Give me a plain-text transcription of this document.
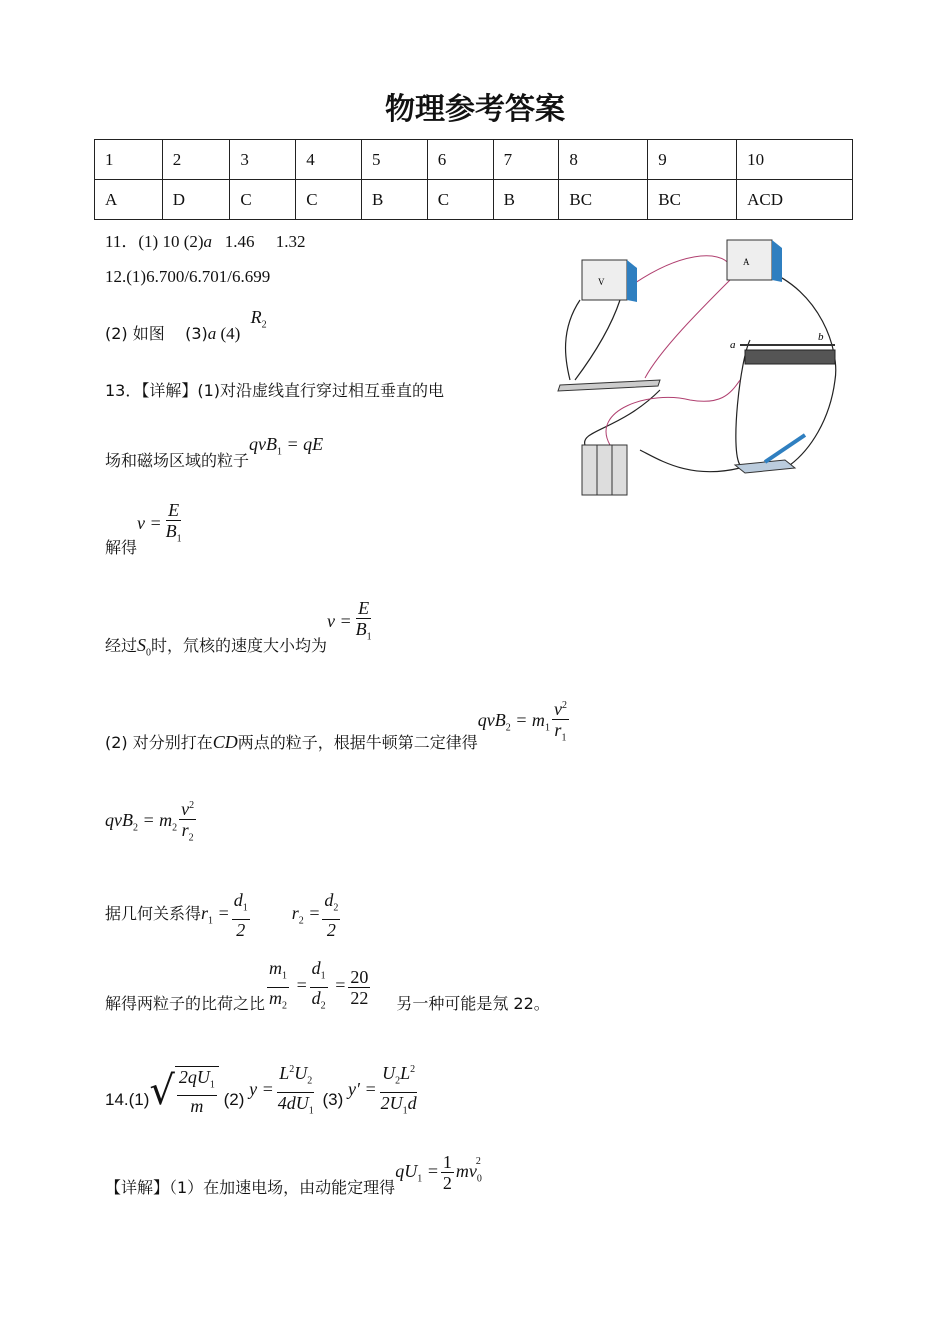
物理参考答案
1	2	3	4	5	6	7	8	9	10
A	D	C	C	B	C	B	BC	BC	ACD
11．(1) 10 (2)a   1.46     1.32
12.(1)6.700/6.701/6.699
(2) 如图    (3)a (4) $R_2$
13．【详解】(1)对沿虚线直行穿过相互垂直的电
场和磁场区域的粒子qvB$_1$ = qE
解得$v = \frac{E}{B_1}$
经过$S_0$时，氘核的速度大小均为$v = \frac{E}{B_1}$
(2) 对分别打在CD两点的粒子，根据牛顿第二定律得$qvB_2 = m_1 \frac{v^2}{r_1}$
$qvB_2 = m_2 \frac{v^2}{r_2}$
据几何关系得$r_1 = \frac{d_1}{2} r_2 = \frac{d_2}{2}$
解得两粒子的比荷之比 $\frac{m_1}{m_2} = \frac{d_1}{d_2} = \frac{20}{22}$ 另一种可能是氖 22。
14.(1) √ $\frac{2qU_1}{m} (2) y = \frac{L^2U_2}{4dU_1} (3) y' = \frac{U_2L^2}{2U_1d}$
【详解】（1）在加速电场，由动能定理得$qU_1 = \frac{1}{2} mv_0^2$
V
A
a
b
